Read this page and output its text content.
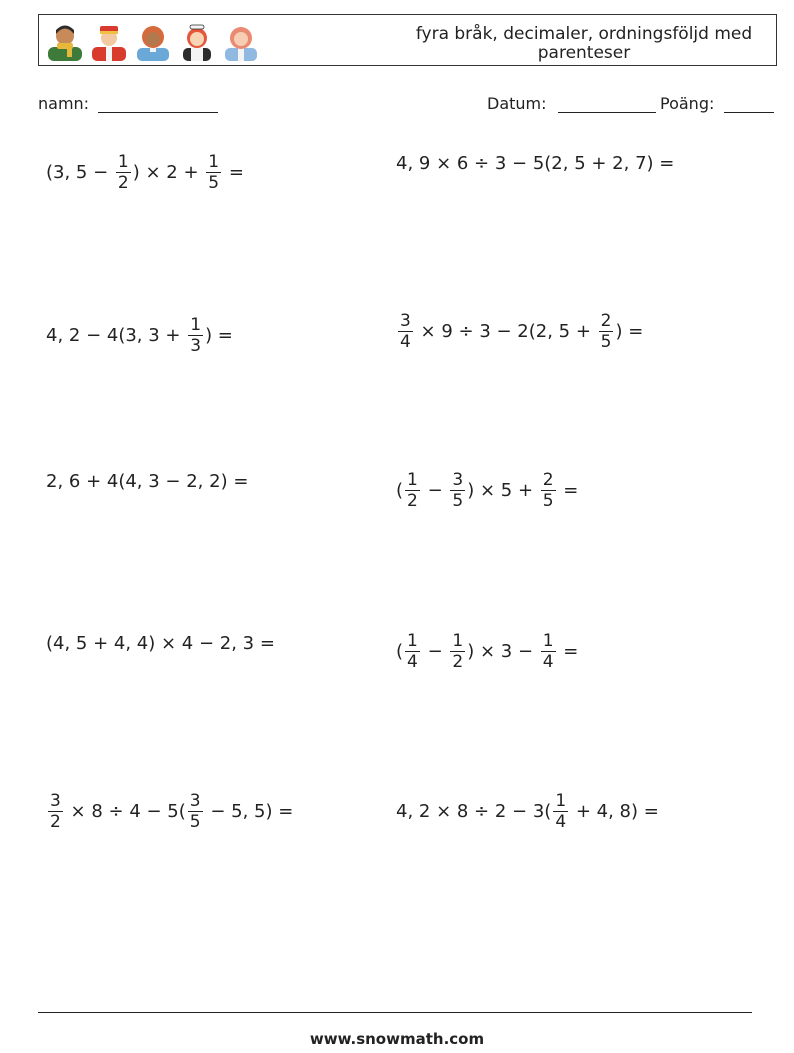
fyra bråk, decimaler, ordningsföljd med parenteser
namn:	Datum:	Poäng:
(3, $5 - \frac{1}{2}$ ) × $2 + \frac{1}{5}$ =	4, 9 × 6 ÷ 3 − 5(2, 5 + 2, 7) =
4, 2 − 4(3, $3 + \frac{1}{3}$ ) =	$\frac{3}{4} \times 9 \div 3 - 2(2$, $5 + \frac{2}{5}$ ) =
2, 6 + 4(4, 3 − 2, 2) =	( $\frac{1}{2} - \frac{3}{5}$ ) × $5 + \frac{2}{5}$ =
(4, 5 + 4, 4) × 4 − 2, 3 =	( $\frac{1}{4} - \frac{1}{2}$ ) × $3 - \frac{1}{4}$ =
$\frac{3}{2} \times 8 \div 4 - 5( \frac{3}{5} - 5$, 5) =	4, $2 \times 8 \div 2 - 3( \frac{1}{4} + 4$, 8) =
www.snowmath.com
